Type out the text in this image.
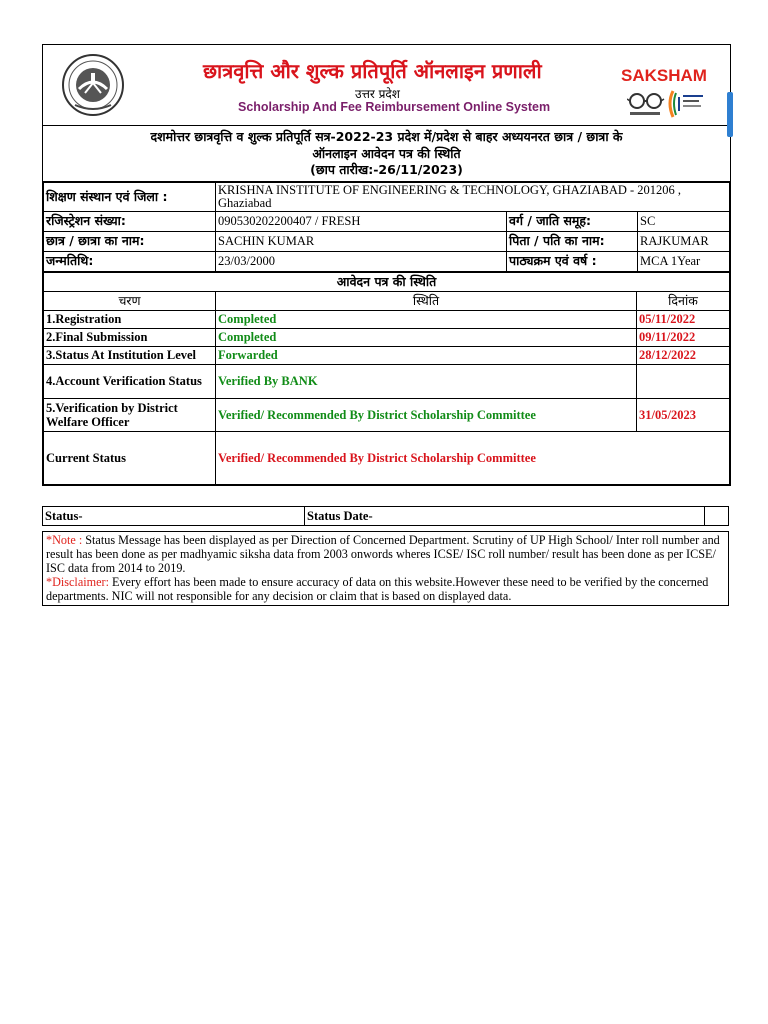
छात्रवृत्ति और शुल्क प्रतिपूर्ति ऑनलाइन प्रणाली
उत्तर प्रदेश
Scholarship And Fee Reimbursement Online System
SAKSHAM
दशमोत्तर छात्रवृत्ति व शुल्क प्रतिपूर्ति सत्र-2022-23 प्रदेश में/प्रदेश से बाहर अध्ययनरत छात्र / छात्रा के
ऑनलाइन आवेदन पत्र की स्थिति
(छाप तारीख:-26/11/2023)
शिक्षण संस्थान एवं जिला :	KRISHNA INSTITUTE OF ENGINEERING & TECHNOLOGY, GHAZIABAD - 201206 ,
Ghaziabad		

रजिस्ट्रेशन संख्या:	090530202200407 / FRESH	वर्ग / जाति समूह:	SC
छात्र / छात्रा का नाम:	SACHIN KUMAR	पिता / पति का नाम:	RAJKUMAR
जन्मतिथि:	23/03/2000	पाठ्यक्रम एवं वर्ष :	MCA 1Year
आवेदन पत्र की स्थिति		
चरण	स्थिति	दिनांक
1.Registration	Completed	05/11/2022
2.Final Submission	Completed	09/11/2022
3.Status At Institution Level	Forwarded	28/12/2022
4.Account Verification Status	Verified By BANK	
5.Verification by District Welfare Officer	Verified/ Recommended By District Scholarship Committee	31/05/2023
Current Status	Verified/ Recommended By District Scholarship Committee	
Status-	Status Date-	
*Note : Status Message has been displayed as per Direction of Concerned Department. Scrutiny of UP High School/ Inter roll number and result has been done as per madhyamic siksha data from 2003 onwords wheres ICSE/ ISC roll number/ result has been done as per ICSE/ ISC data from 2014 to 2019.
*Disclaimer: Every effort has been made to ensure accuracy of data on this website.However these need to be verified by the concerned departments. NIC will not responsible for any decision or claim that is based on displayed data.
